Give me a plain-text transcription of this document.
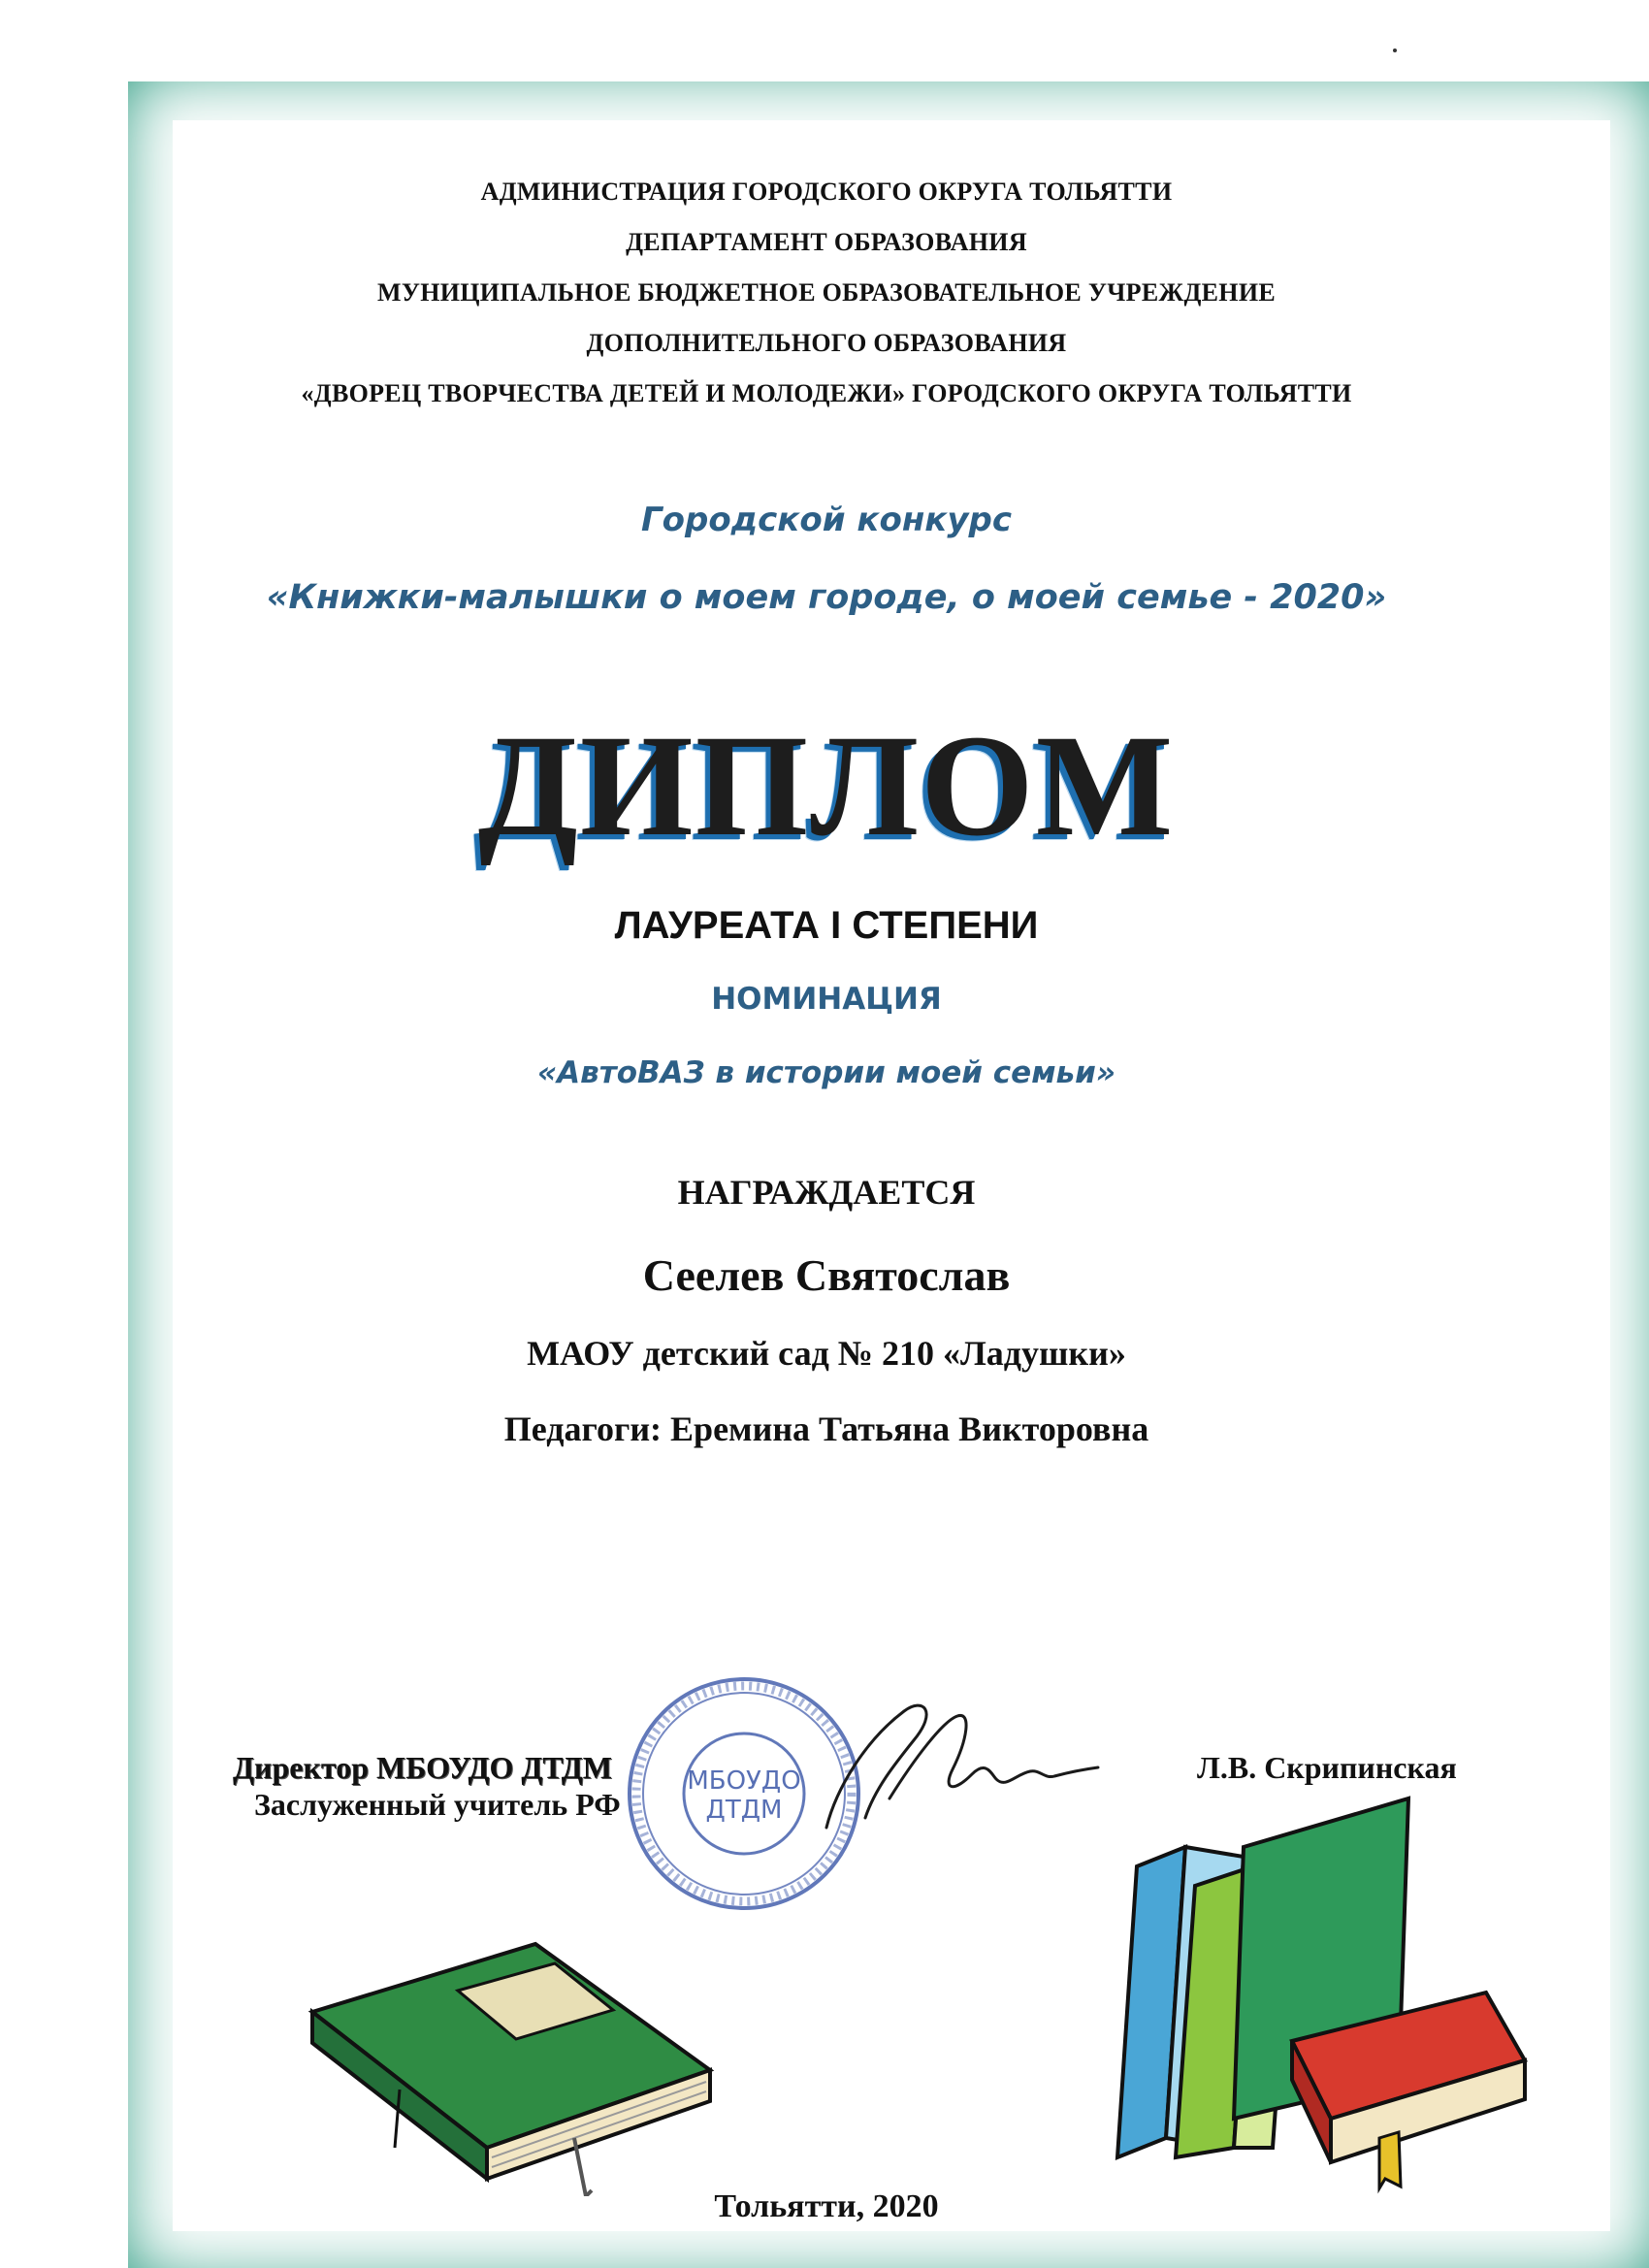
АДМИНИСТРАЦИЯ ГОРОДСКОГО ОКРУГА ТОЛЬЯТТИ
ДЕПАРТАМЕНТ ОБРАЗОВАНИЯ
МУНИЦИПАЛЬНОЕ БЮДЖЕТНОЕ ОБРАЗОВАТЕЛЬНОЕ УЧРЕЖДЕНИЕ
ДОПОЛНИТЕЛЬНОГО ОБРАЗОВАНИЯ
«ДВОРЕЦ ТВОРЧЕСТВА ДЕТЕЙ И МОЛОДЕЖИ» ГОРОДСКОГО ОКРУГА ТОЛЬЯТТИ
Городской конкурс
«Книжки-малышки о моем городе, о моей семье - 2020»
ДИПЛОМ
ЛАУРЕАТА I СТЕПЕНИ
НОМИНАЦИЯ
«АвтоВАЗ в истории моей семьи»
НАГРАЖДАЕТСЯ
Сеелев Святослав
МАОУ детский сад № 210 «Ладушки»
Педагоги: Еремина Татьяна Викторовна
МБОУДО
ДТДМ
Директор МБОУДО ДТДМ
Заслуженный учитель РФ
Л.В. Скрипинская
Тольятти, 2020
